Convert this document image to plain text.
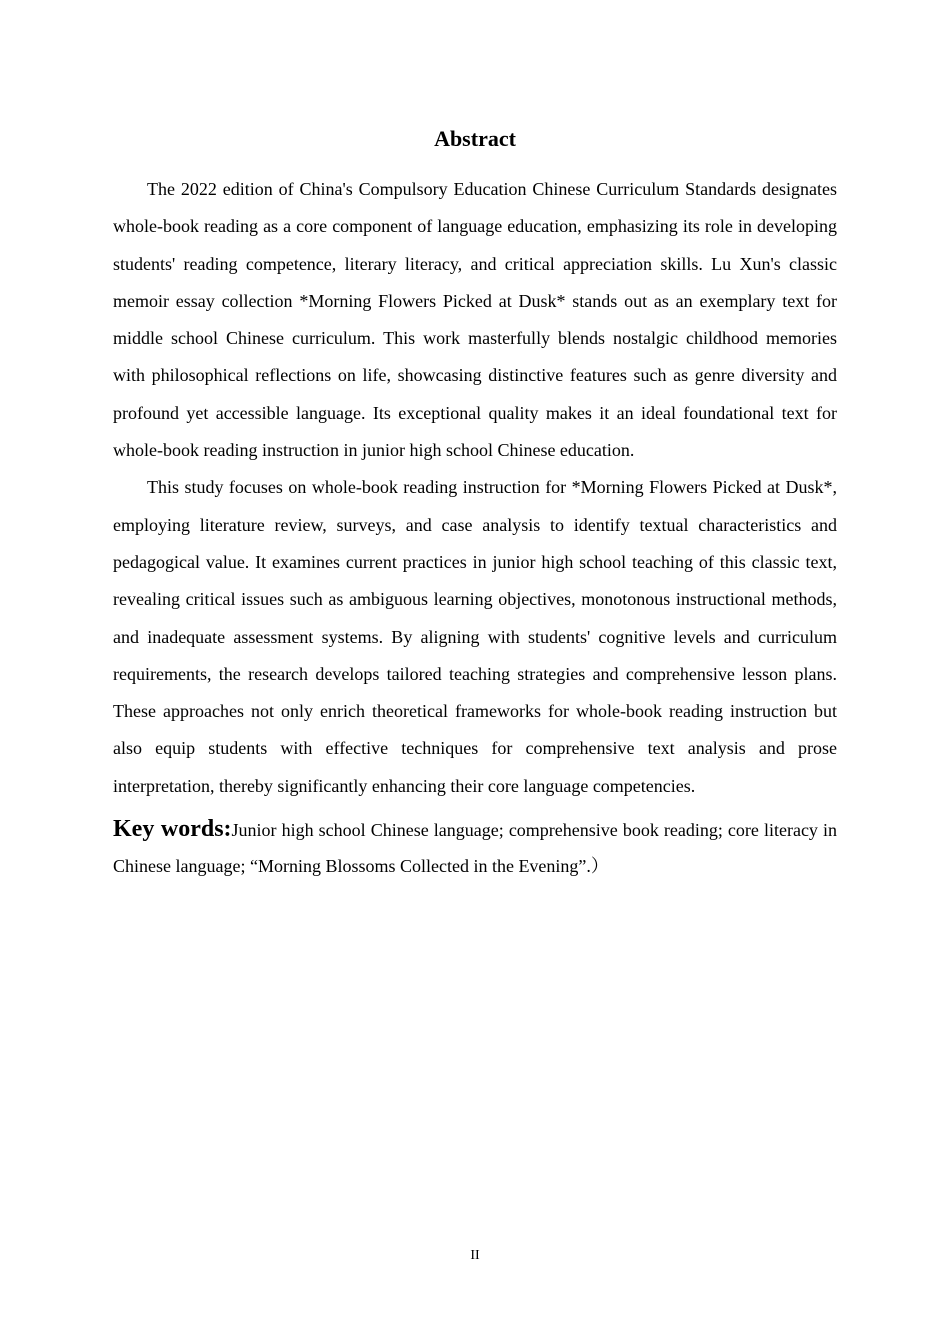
Abstract

The 2022 edition of China's Compulsory Education Chinese Curriculum Standards designates whole-book reading as a core component of language education, emphasizing its role in developing students' reading competence, literary literacy, and critical appreciation skills. Lu Xun's classic memoir essay collection *Morning Flowers Picked at Dusk* stands out as an exemplary text for middle school Chinese curriculum. This work masterfully blends nostalgic childhood memories with philosophical reflections on life, showcasing distinctive features such as genre diversity and profound yet accessible language. Its exceptional quality makes it an ideal foundational text for whole-book reading instruction in junior high school Chinese education.

This study focuses on whole-book reading instruction for *Morning Flowers Picked at Dusk*, employing literature review, surveys, and case analysis to identify textual characteristics and pedagogical value. It examines current practices in junior high school teaching of this classic text, revealing critical issues such as ambiguous learning objectives, monotonous instructional methods, and inadequate assessment systems. By aligning with students' cognitive levels and curriculum requirements, the research develops tailored teaching strategies and comprehensive lesson plans. These approaches not only enrich theoretical frameworks for whole-book reading instruction but also equip students with effective techniques for comprehensive text analysis and prose interpretation, thereby significantly enhancing their core language competencies.

Key words:Junior high school Chinese language; comprehensive book reading; core literacy in Chinese language; “Morning Blossoms Collected in the Evening”.）

II
